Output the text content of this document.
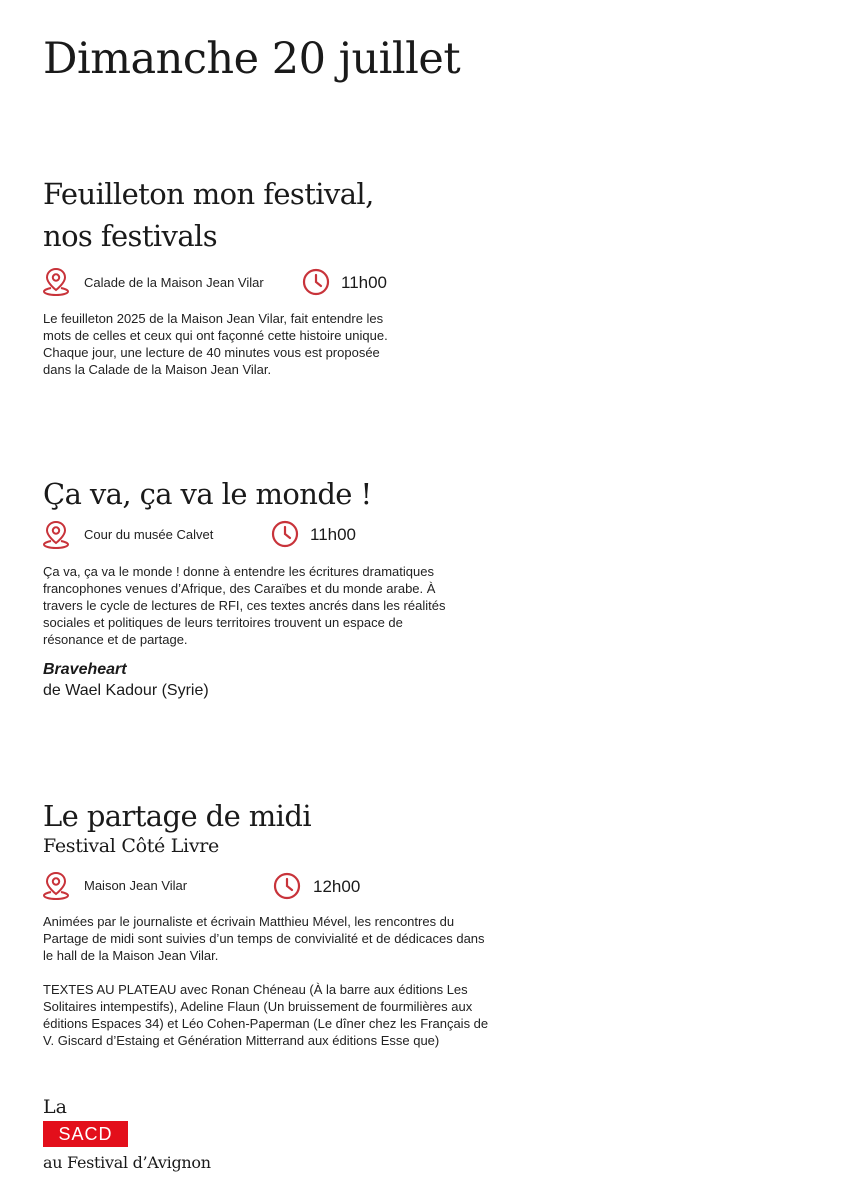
Dimanche 20 juillet
Feuilleton mon festival,
nos festivals
Calade de la Maison Jean Vilar	11h00

Le feuilleton 2025 de la Maison Jean Vilar, fait entendre les

mots de celles et ceux qui ont façonné cette histoire unique.

Chaque jour, une lecture de 40 minutes vous est proposée

dans la Calade de la Maison Jean Vilar.

Ça va, ça va le monde !
Cour du musée Calvet	11h00

Ça va, ça va le monde ! donne à entendre les écritures dramatiques

francophones venues d’Afrique, des Caraïbes et du monde arabe. À

travers le cycle de lectures de RFI, ces textes ancrés dans les réalités

sociales et politiques de leurs territoires trouvent un espace de

résonance et de partage.

Braveheart
de Wael Kadour (Syrie)
Le partage de midi
Festival Côté Livre
Maison Jean Vilar	12h00

Animées par le journaliste et écrivain Matthieu Mével, les rencontres du

Partage de midi sont suivies d’un temps de convivialité et de dédicaces dans

le hall de la Maison Jean Vilar.

TEXTES AU PLATEAU avec Ronan Chéneau (À la barre aux éditions Les

Solitaires intempestifs), Adeline Flaun (Un bruissement de fourmilières aux

éditions Espaces 34) et Léo Cohen-Paperman (Le dîner chez les Français de

V. Giscard d’Estaing et Génération Mitterrand aux éditions Esse que)

La
SACD
au Festival d’Avignon
